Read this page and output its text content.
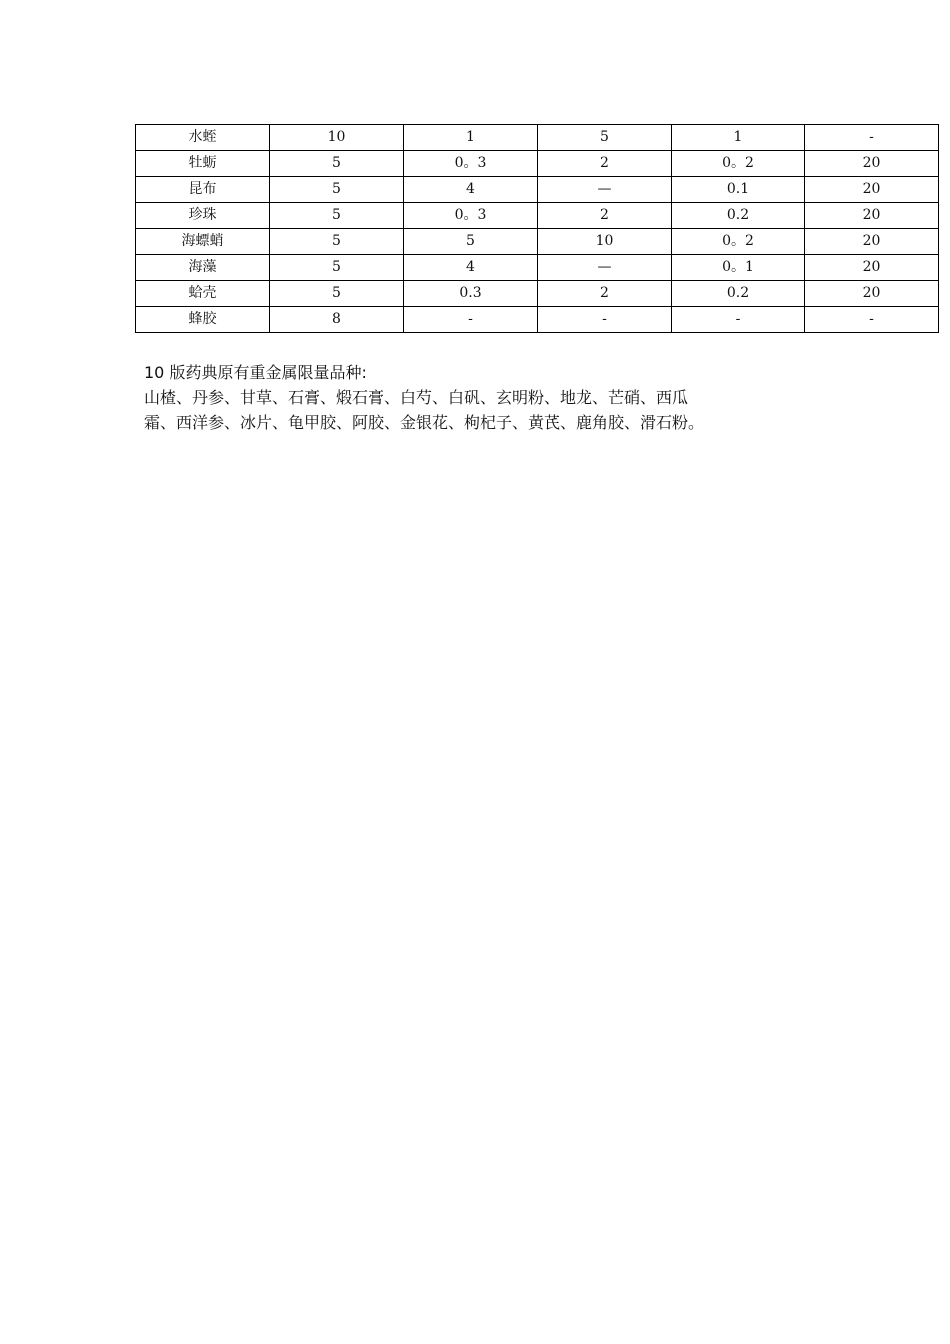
水蛭	10	1	5	1	-
牡蛎	5	0。3	2	0。2	20
昆布	5	4	—	0.1	20
珍珠	5	0。3	2	0.2	20
海螵蛸	5	5	10	0。2	20
海藻	5	4	—	0。1	20
蛤壳	5	0.3	2	0.2	20
蜂胶	8	-	-	-	-

10 版药典原有重金属限量品种:

山楂、丹参、甘草、石膏、煅石膏、白芍、白矾、玄明粉、地龙、芒硝、西瓜

霜、西洋参、冰片、龟甲胶、阿胶、金银花、枸杞子、黄芪、鹿角胶、滑石粉。
